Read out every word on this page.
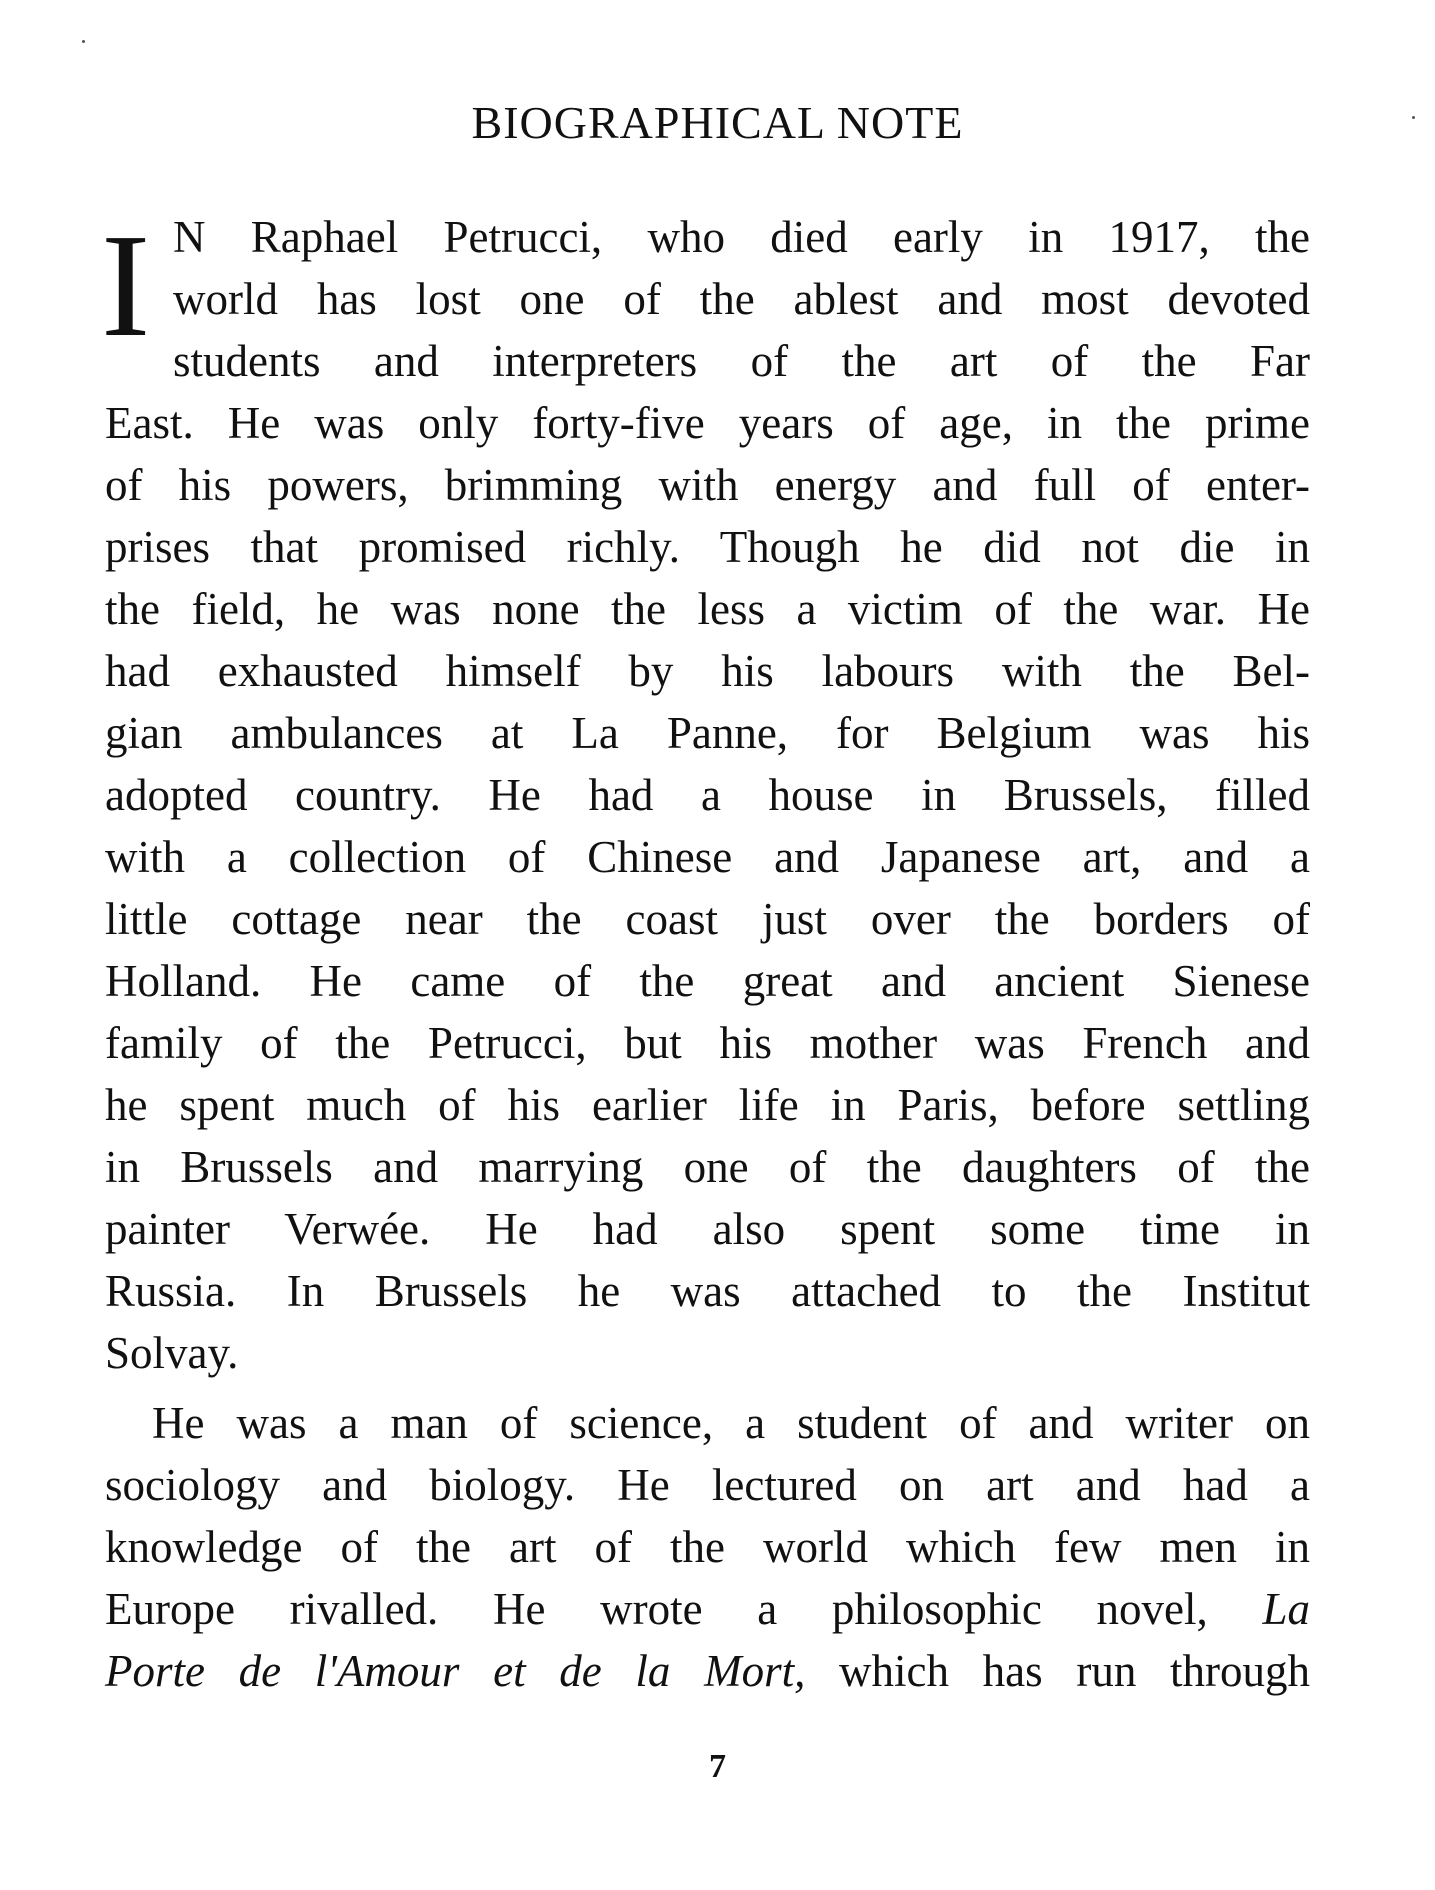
BIOGRAPHICAL NOTE
I N Raphael Petrucci, who died early in 1917, the
world has lost one of the ablest and most devoted
students and interpreters of the art of the Far
East. He was only forty-five years of age, in the prime
of his powers, brimming with energy and full of enter-
prises that promised richly. Though he did not die in
the field, he was none the less a victim of the war. He
had exhausted himself by his labours with the Bel-
gian ambulances at La Panne, for Belgium was his
adopted country. He had a house in Brussels, filled
with a collection of Chinese and Japanese art, and a
little cottage near the coast just over the borders of
Holland. He came of the great and ancient Sienese
family of the Petrucci, but his mother was French and
he spent much of his earlier life in Paris, before settling
in Brussels and marrying one of the daughters of the
painter Verwée. He had also spent some time in
Russia. In Brussels he was attached to the Institut
Solvay.
He was a man of science, a student of and writer on
sociology and biology. He lectured on art and had a
knowledge of the art of the world which few men in
Europe rivalled. He wrote a philosophic novel, La
Porte de l'Amour et de la Mort, which has run through
7
